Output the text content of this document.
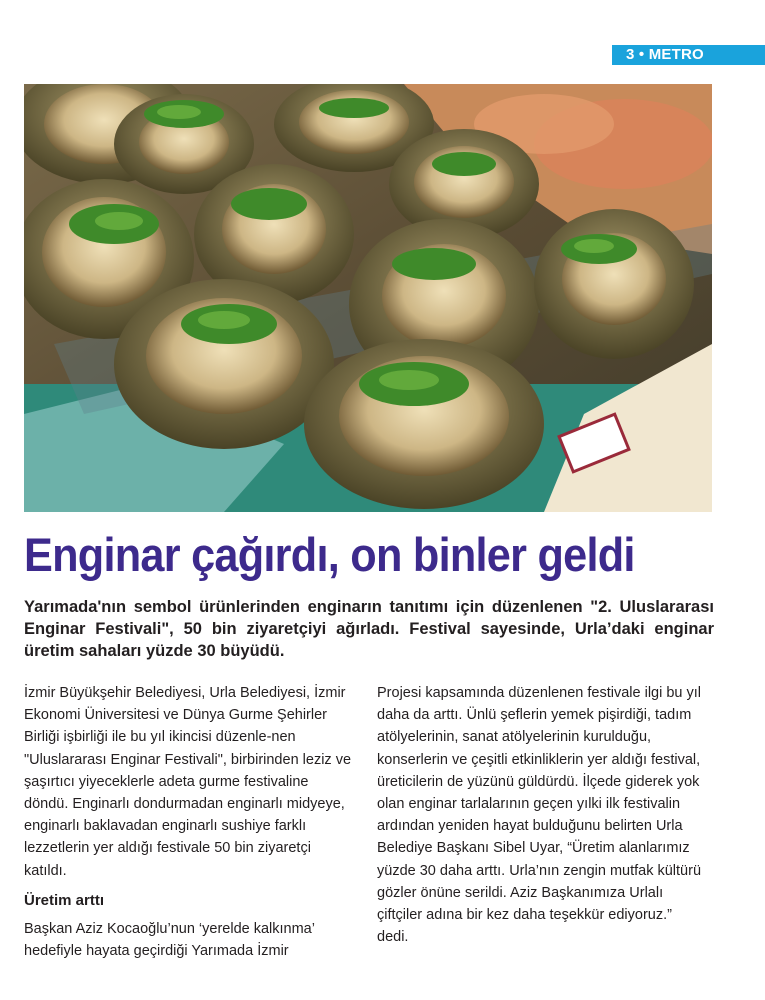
3 • METRO
Enginar çağırdı, on binler geldi

Yarımada'nın sembol ürünlerinden enginarın tanıtımı için düzenlenen "2. Uluslararası Enginar Festivali", 50 bin ziyaretçiyi ağırladı. Festival sayesinde, Urla’daki enginar üretim sahaları yüzde 30 büyüdü.

İzmir Büyükşehir Belediyesi, Urla Belediyesi, İzmir Ekonomi Üniversitesi ve Dünya Gurme Şehirler Birliği işbirliği ile bu yıl ikincisi düzenle-nen "Uluslararası Enginar Festivali", birbirinden leziz ve şaşırtıcı yiyeceklerle adeta gurme festivaline döndü. Enginarlı dondurmadan enginarlı midyeye, enginarlı baklavadan enginarlı sushiye farklı lezzetlerin yer aldığı festivale 50 bin ziyaretçi katıldı.

Üretim arttı

Başkan Aziz Kocaoğlu’nun ‘yerelde kalkınma’ hedefiyle hayata geçirdiği Yarımada İzmir

Projesi kapsamında düzenlenen festivale ilgi bu yıl daha da arttı. Ünlü şeflerin yemek pişirdiği, tadım atölyelerinin, sanat atölyelerinin kurulduğu, konserlerin ve çeşitli etkinliklerin yer aldığı festival, üreticilerin de yüzünü güldürdü. İlçede giderek yok olan enginar tarlalarının geçen yılki ilk festivalin ardından yeniden hayat bulduğunu belirten Urla Belediye Başkanı Sibel Uyar, “Üretim alanlarımız yüzde 30 daha arttı. Urla’nın zengin mutfak kültürü gözler önüne serildi. Aziz Başkanımıza Urlalı çiftçiler adına bir kez daha teşekkür ediyoruz.” dedi.
